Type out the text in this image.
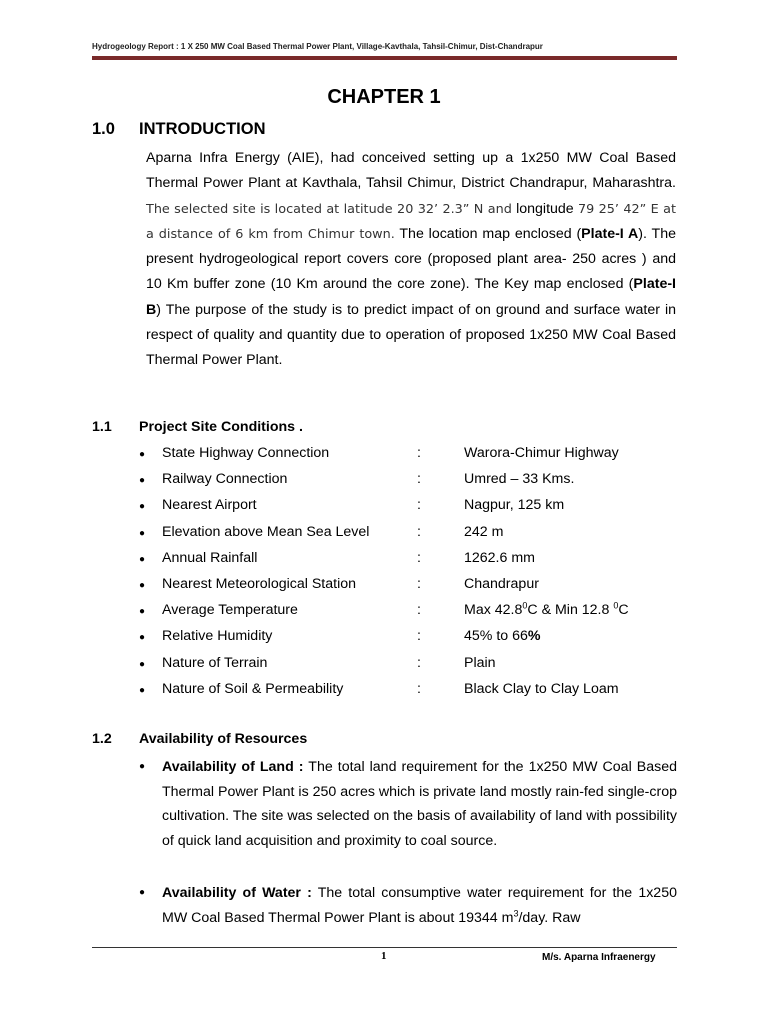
Hydrogeology Report : 1 X 250 MW Coal Based Thermal Power Plant, Village-Kavthala, Tahsil-Chimur, Dist-Chandrapur
CHAPTER 1
1.0 INTRODUCTION
Aparna Infra Energy (AIE), had conceived setting up a 1x250 MW Coal Based Thermal Power Plant at Kavthala, Tahsil Chimur, District Chandrapur, Maharashtra. The selected site is located at latitude 20 32’ 2.3” N and longitude 79 25’ 42” E at a distance of 6 km from Chimur town. The location map enclosed (Plate-I A). The present hydrogeological report covers core (proposed plant area- 250 acres ) and 10 Km buffer zone (10 Km around the core zone). The Key map enclosed (Plate-I B) The purpose of the study is to predict impact of on ground and surface water in respect of quality and quantity due to operation of proposed 1x250 MW Coal Based Thermal Power Plant.
1.1 Project Site Conditions .
● State Highway Connection	:	Warora-Chimur Highway
● Railway Connection	:	Umred – 33 Kms.
● Nearest Airport	:	Nagpur, 125 km
● Elevation above Mean Sea Level	:	242 m
● Annual Rainfall	:	1262.6 mm
● Nearest Meteorological Station	:	Chandrapur
● Average Temperature	:	Max 42.8$^0$C & Min 12.8 $^0$C
● Relative Humidity	:	45% to 66%
● Nature of Terrain	:	Plain
● Nature of Soil & Permeability	:	Black Clay to Clay Loam
1.2 Availability of Resources
● Availability of Land : The total land requirement for the 1x250 MW Coal Based Thermal Power Plant is 250 acres which is private land mostly rain-fed single-crop cultivation. The site was selected on the basis of availability of land with possibility of quick land acquisition and proximity to coal source.
● Availability of Water : The total consumptive water requirement for the 1x250 MW Coal Based Thermal Power Plant is about 19344 $m^3$/day. Raw
1	M/s. Aparna Infraenergy
